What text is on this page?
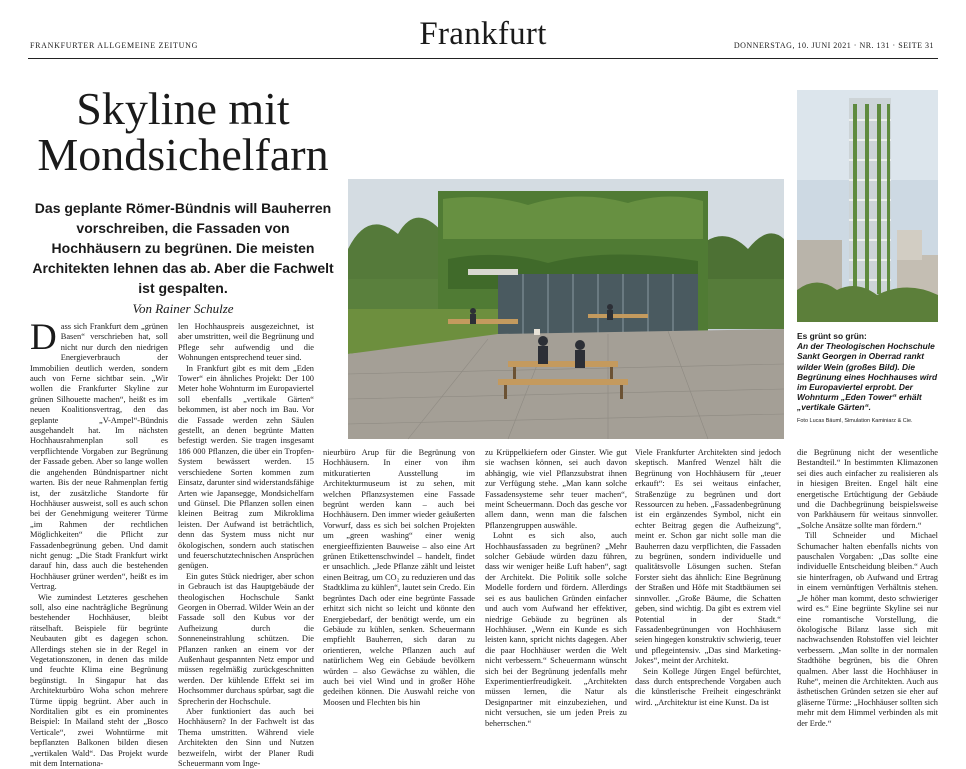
FRANKFURTER ALLGEMEINE ZEITUNG	Frankfurt	DONNERSTAG, 10. JUNI 2021 · NR. 131 · SEITE 31
Skyline mit Mondsichelfarn
Das geplante Römer-Bündnis will Bauherren vorschreiben, die Fassaden von Hochhäusern zu begrünen. Die meisten Architekten lehnen das ab. Aber die Fachwelt ist gespalten.
Von Rainer Schulze
Es grünt so grün:
An der Theologischen Hochschule Sankt Georgen in Oberrad rankt wilder Wein (großes Bild). Die Begrünung eines Hochhauses wird im Europaviertel erprobt. Der Wohnturm „Eden Tower“ erhält „vertikale Gärten“.
Foto Lucas Bäuml, Simulation Kaminiarz & Cie.

Dass sich Frankfurt dem „grünen Basen“ verschrieben hat, soll nicht nur durch den niedrigen Energieverbrauch der Immobilien deutlich werden, sondern auch von Ferne sichtbar sein. „Wir wollen die Frankfurter Skyline zur grünen Silhouette machen“, heißt es im neuen Koalitionsvertrag, den das geplante „V-Ampel“-Bündnis ausgehandelt hat. Im nächsten Hochhausrahmenplan soll es verpflichtende Vorgaben zur Begrünung der Fassade geben. Aber so lange wollen die angehenden Bündnispartner nicht warten. Bis der neue Rahmenplan fertig ist, der zusätzliche Standorte für Hochhäuser ausweist, soll es auch schon bei der Genehmigung weiterer Türme „im Rahmen der rechtlichen Möglichkeiten“ die Pflicht zur Fassadenbegrünung geben. Und damit nicht genug: „Die Stadt Frankfurt wirkt darauf hin, dass auch die bestehenden Hochhäuser grüner werden“, heißt es im Vertrag.

Wie zumindest Letzteres geschehen soll, also eine nachträgliche Begrünung bestehender Hochhäuser, bleibt rätselhaft. Beispiele für begrünte Neubauten gibt es dagegen schon. Allerdings stehen sie in der Regel in Vegetationszonen, in denen das milde und feuchte Klima eine Begrünung begünstigt. In Singapur hat das Architekturbüro Woha schon mehrere Türme üppig begrünt. Aber auch in Norditalien gibt es ein prominentes Beispiel: In Mailand steht der „Bosco Verticale“, zwei Wohntürme mit bepflanzten Balkonen bilden diesen „vertikalen Wald“. Das Projekt wurde mit dem Internationa-

len Hochhauspreis ausgezeichnet, ist aber umstritten, weil die Begrünung und Pflege sehr aufwendig und die Wohnungen entsprechend teuer sind.

In Frankfurt gibt es mit dem „Eden Tower“ ein ähnliches Projekt: Der 100 Meter hohe Wohnturm im Europaviertel soll ebenfalls „vertikale Gärten“ bekommen, ist aber noch im Bau. Vor die Fassade werden zehn Säulen gestellt, an denen begrünte Matten befestigt werden. Sie tragen insgesamt 186 000 Pflanzen, die über ein Tropfen-System bewässert werden. 15 verschiedene Sorten kommen zum Einsatz, darunter sind widerstandsfähige Arten wie Japansegge, Mondsichelfarn und Günsel. Die Pflanzen sollen einen kleinen Beitrag zum Mikroklima leisten. Der Aufwand ist beträchtlich, denn das System muss nicht nur ökologischen, sondern auch statischen und feuerschutztechnischen Ansprüchen genügen.

Ein gutes Stück niedriger, aber schon in Gebrauch ist das Hauptgebäude der theologischen Hochschule Sankt Georgen in Oberrad. Wilder Wein an der Fassade soll den Kubus vor der Aufheizung durch die Sonneneinstrahlung schützen. Die Pflanzen ranken an einem vor der Außenhaut gespannten Netz empor und müssen regelmäßig zurückgeschnitten werden. Der kühlende Effekt sei im Hochsommer durchaus spürbar, sagt die Sprecherin der Hochschule.

Aber funktioniert das auch bei Hochhäusern? In der Fachwelt ist das Thema umstritten. Während viele Architekten den Sinn und Nutzen bezweifeln, wirbt der Planer Rudi Scheuermann vom Inge-

nieurbüro Arup für die Begrünung von Hochhäusern. In einer von ihm mitkuratierten Ausstellung im Architekturmuseum ist zu sehen, mit welchen Pflanzsystemen eine Fassade begrünt werden kann – auch bei Hochhäusern. Den immer wieder geäußerten Vorwurf, dass es sich bei solchen Projekten um „green washing“ einer wenig energieeffizienten Bauweise – also eine Art grünen Etikettenschwindel – handelt, findet er unsachlich. „Jede Pflanze zählt und leistet einen Beitrag, um CO₂ zu reduzieren und das Stadtklima zu kühlen“, lautet sein Credo. Ein begrüntes Dach oder eine begrünte Fassade erhitzt sich nicht so leicht und könnte den Energiebedarf, der benötigt werde, um ein Gebäude zu kühlen, senken. Scheuermann empfiehlt Bauherren, sich daran zu orientieren, welche Pflanzen auch auf natürlichem Weg ein Gebäude bevölkern würden – also Gewächse zu wählen, die auch bei viel Wind und in großer Höhe gedeihen können. Die Auswahl reiche von Moosen und Flechten bis hin

zu Krüppelkiefern oder Ginster. Wie gut sie wachsen können, sei auch davon abhängig, wie viel Pflanzsubstrat ihnen zur Verfügung stehe. „Man kann solche Fassadensysteme sehr teuer machen“, meint Scheuermann. Doch das gesche vor allem dann, wenn man die falschen Pflanzengruppen auswähle.

Lohnt es sich also, auch Hochhausfassaden zu begrünen? „Mehr solcher Gebäude würden dazu führen, dass wir weniger heiße Luft haben“, sagt der Architekt. Die Politik solle solche Modelle fordern und fördern. Allerdings sei es aus baulichen Gründen einfacher und auch vom Aufwand her effektiver, niedrige Gebäude zu begrünen als Hochhäuser. „Wenn ein Kunde es sich leisten kann, spricht nichts dagegen. Aber die paar Hochhäuser werden die Welt nicht verbessern.“ Scheuermann wünscht sich bei der Begrünung jedenfalls mehr Experimentierfreudigkeit. „Architekten müssen lernen, die Natur als Designpartner mit einzubeziehen, und nicht versuchen, sie um jeden Preis zu beherrschen.“

Viele Frankfurter Architekten sind jedoch skeptisch. Manfred Wenzel hält die Begrünung von Hochhäusern für „teuer erkauft“: Es sei weitaus einfacher, Straßenzüge zu begrünen und dort Ressourcen zu heben. „Fassadenbegrünung ist ein ergänzendes Symbol, nicht ein echter Beitrag gegen die Aufheizung“, meint er. Schon gar nicht solle man die Bauherren dazu verpflichten, die Fassaden zu begrünen, sondern individuelle und qualitätsvolle Lösungen suchen. Stefan Forster sieht das ähnlich: Eine Begrünung der Straßen und Höfe mit Stadtbäumen sei sinnvoller. „Große Bäume, die Schatten geben, sind wichtig. Da gibt es extrem viel Potential in der Stadt.“ Fassadenbegrünungen von Hochhäusern seien hingegen konstruktiv schwierig, teuer und pflegeintensiv. „Das sind Marketing-Jokes“, meint der Architekt.

Sein Kollege Jürgen Engel befürchtet, dass durch entsprechende Vorgaben auch die künstlerische Freiheit eingeschränkt wird. „Architektur ist eine Kunst. Da ist

die Begrünung nicht der wesentliche Bestandteil.“ In bestimmten Klimazonen sei dies auch einfacher zu realisieren als in hiesigen Breiten. Engel hält eine energetische Ertüchtigung der Gebäude und die Dachbegrünung beispielsweise von Parkhäusern für weitaus sinnvoller. „Solche Ansätze sollte man fördern.“

Till Schneider und Michael Schumacher halten ebenfalls nichts von pauschalen Vorgaben: „Das sollte eine individuelle Entscheidung bleiben.“ Auch sie hinterfragen, ob Aufwand und Ertrag in einem vernünftigen Verhältnis stehen. „Je höher man kommt, desto schwieriger wird es.“ Eine begrünte Skyline sei nur eine romantische Vorstellung, die ökologische Bilanz lasse sich mit nachwachsenden Rohstoffen viel leichter verbessern. „Man sollte in der normalen Stadthöhe begrünen, bis die Ohren qualmen. Aber lasst die Hochhäuser in Ruhe“, meinen die Architekten. Auch aus ästhetischen Gründen setzen sie eher auf gläserne Türme: „Hochhäuser sollten sich mehr mit dem Himmel verbinden als mit der Erde.“
